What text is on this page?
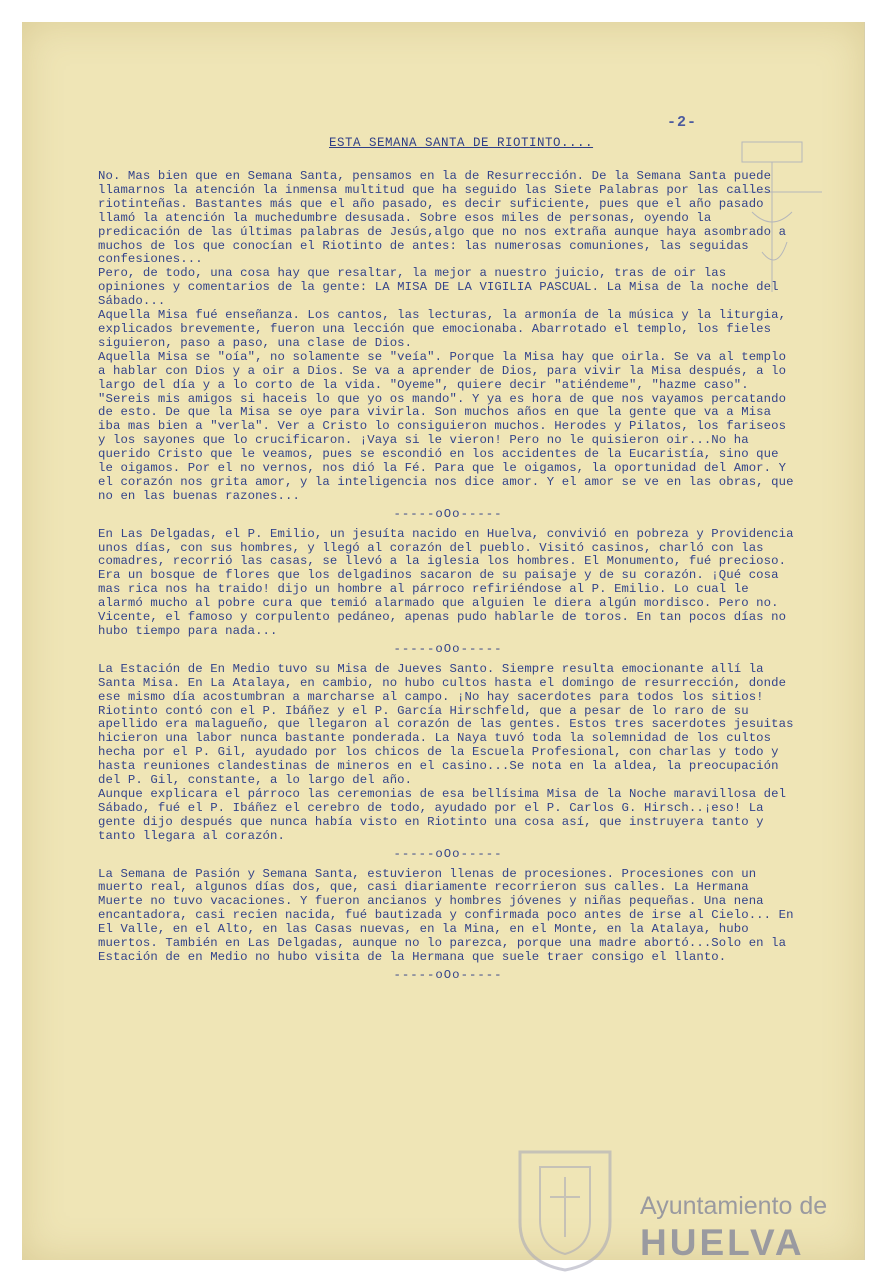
-2-
ESTA SEMANA SANTA DE RIOTINTO....

No. Mas bien que en Semana Santa, pensamos en la de Resurrección. De la Semana Santa puede llamarnos la atención la inmensa multitud que ha seguido las Siete Palabras por las calles riotinteñas. Bastantes más que el año pasado, es decir suficiente, pues que el año pasado llamó la atención la muchedumbre desusada. Sobre esos miles de personas, oyendo la predicación de las últimas palabras de Jesús,algo que no nos extraña aunque haya asombrado a muchos de los que conocían el Riotinto de antes: las numerosas comuniones, las seguidas confesiones...

Pero, de todo, una cosa hay que resaltar, la mejor a nuestro juicio, tras de oir las opiniones y comentarios de la gente: LA MISA DE LA VIGILIA PASCUAL. La Misa de la noche del Sábado...

Aquella Misa fué enseñanza. Los cantos, las lecturas, la armonía de la música y la liturgia, explicados brevemente, fueron una lección que emocionaba. Abarrotado el templo, los fieles siguieron, paso a paso, una clase de Dios.

Aquella Misa se "oía", no solamente se "veía". Porque la Misa hay que oirla. Se va al templo a hablar con Dios y a oir a Dios. Se va a aprender de Dios, para vivir la Misa después, a lo largo del día y a lo corto de la vida. "Oyeme", quiere decir "atiéndeme", "hazme caso". "Sereis mis amigos si haceis lo que yo os mando". Y ya es hora de que nos vayamos percatando de esto. De que la Misa se oye para vivirla. Son muchos años en que la gente que va a Misa iba mas bien a "verla". Ver a Cristo lo consiguieron muchos. Herodes y Pilatos, los fariseos y los sayones que lo crucificaron. ¡Vaya si le vieron! Pero no le quisieron oir...No ha querido Cristo que le veamos, pues se escondió en los accidentes de la Eucaristía, sino que le oigamos. Por el no vernos, nos dió la Fé. Para que le oigamos, la oportunidad del Amor. Y el corazón nos grita amor, y la inteligencia nos dice amor. Y el amor se ve en las obras, que no en las buenas razones...

-----oOo-----

En Las Delgadas, el P. Emilio, un jesuíta nacido en Huelva, convivió en pobreza y Providencia unos días, con sus hombres, y llegó al corazón del pueblo. Visitó casinos, charló con las comadres, recorrió las casas, se llevó a la iglesia los hombres. El Monumento, fué precioso. Era un bosque de flores que los delgadinos sacaron de su paisaje y de su corazón. ¡Qué cosa mas rica nos ha traido! dijo un hombre al párroco refiriéndose al P. Emilio. Lo cual le alarmó mucho al pobre cura que temió alarmado que alguien le diera algún mordisco. Pero no. Vicente, el famoso y corpulento pedáneo, apenas pudo hablarle de toros. En tan pocos días no hubo tiempo para nada...

-----oOo-----

La Estación de En Medio tuvo su Misa de Jueves Santo. Siempre resulta emocionante allí la Santa Misa. En La Atalaya, en cambio, no hubo cultos hasta el domingo de resurrección, donde ese mismo día acostumbran a marcharse al campo. ¡No hay sacerdotes para todos los sitios! Riotinto contó con el P. Ibáñez y el P. García Hirschfeld, que a pesar de lo raro de su apellido era malagueño, que llegaron al corazón de las gentes. Estos tres sacerdotes jesuitas hicieron una labor nunca bastante ponderada. La Naya tuvó toda la solemnidad de los cultos hecha por el P. Gil, ayudado por los chicos de la Escuela Profesional, con charlas y todo y hasta reuniones clandestinas de mineros en el casino...Se nota en la aldea, la preocupación del P. Gil, constante, a lo largo del año.

Aunque explicara el párroco las ceremonias de esa bellísima Misa de la Noche maravillosa del Sábado, fué el P. Ibáñez el cerebro de todo, ayudado por el P. Carlos G. Hirsch..¡eso! La gente dijo después que nunca había visto en Riotinto una cosa así, que instruyera tanto y tanto llegara al corazón.

-----oOo-----

La Semana de Pasión y Semana Santa, estuvieron llenas de procesiones. Procesiones con un muerto real, algunos días dos, que, casi diariamente recorrieron sus calles. La Hermana Muerte no tuvo vacaciones. Y fueron ancianos y hombres jóvenes y niñas pequeñas. Una nena encantadora, casi recien nacida, fué bautizada y confirmada poco antes de irse al Cielo... En El Valle, en el Alto, en las Casas nuevas, en la Mina, en el Monte, en la Atalaya, hubo muertos. También en Las Delgadas, aunque no lo parezca, porque una madre abortó...Solo en la Estación de en Medio no hubo visita de la Hermana que suele traer consigo el llanto.

-----oOo-----
Ayuntamiento de
HUELVA
